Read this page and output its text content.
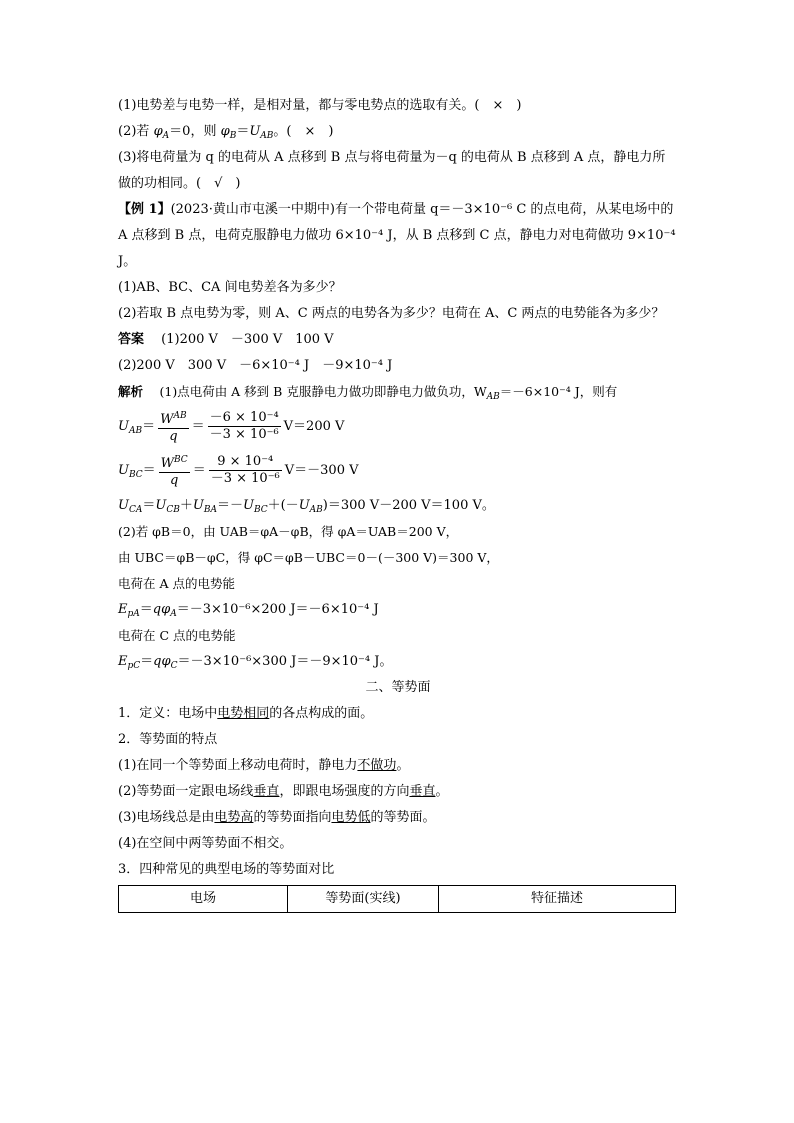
(1)电势差与电势一样，是相对量，都与零电势点的选取有关。(　×　)
(2)若 $\varphi_A=0$，则 $\varphi_B=U_{AB}$。(　×　)
(3)将电荷量为 q 的电荷从 A 点移到 B 点与将电荷量为－q 的电荷从 B 点移到 A 点，静电力所做的功相同。(　√　)
【例 1】(2023·黄山市屯溪一中期中)有一个带电荷量 q＝－3×10⁻⁶ C 的点电荷，从某电场中的 A 点移到 B 点，电荷克服静电力做功 6×10⁻⁴ J，从 B 点移到 C 点，静电力对电荷做功 9×10⁻⁴ J。
(1)AB、BC、CA 间电势差各为多少？
(2)若取 B 点电势为零，则 A、C 两点的电势各为多少？电荷在 A、C 两点的电势能各为多少？
答案　 (1)200 V　－300 V　100 V
(2)200 V　300 V　－6×10⁻⁴ J　－9×10⁻⁴ J
解析　 (1)点电荷由 A 移到 B 克服静电力做功即静电力做负功，$W_{AB}=-6\times 10^{-4}$ J，则有
$U_{AB}= \frac{W^{AB}}{q} = \frac{\text{－6 × 10⁻⁴}}{\text{－3 × 10⁻⁶}} V=200$ V
$U_{BC}= \frac{W^{BC}}{q} = \frac{\text{9 × 10⁻⁴}}{\text{－3 × 10⁻⁶}} V=-300$ V
$U_{CA}=U_{CB}+U_{BA}=-U_{BC}+(-U_{AB})=300$ V－200 V＝100 V。
(2)若 φB＝0，由 UAB＝φA－φB，得 φA＝UAB＝200 V，
由 UBC＝φB－φC，得 φC＝φB－UBC＝0－(－300 V)＝300 V，
电荷在 A 点的电势能
$E_{pA}=q\varphi_A=-3\times 10^{-6}\times 200$ J＝－6×10⁻⁴ J
电荷在 C 点的电势能
$E_{pC}=q\varphi_C=-3\times 10^{-6}\times 300$ J＝－9×10⁻⁴ J。
二、等势面
1．定义：电场中电势相同的各点构成的面。
2．等势面的特点
(1)在同一个等势面上移动电荷时，静电力不做功。
(2)等势面一定跟电场线垂直，即跟电场强度的方向垂直。
(3)电场线总是由电势高的等势面指向电势低的等势面。
(4)在空间中两等势面不相交。
3．四种常见的典型电场的等势面对比
电场	等势面(实线)	特征描述
